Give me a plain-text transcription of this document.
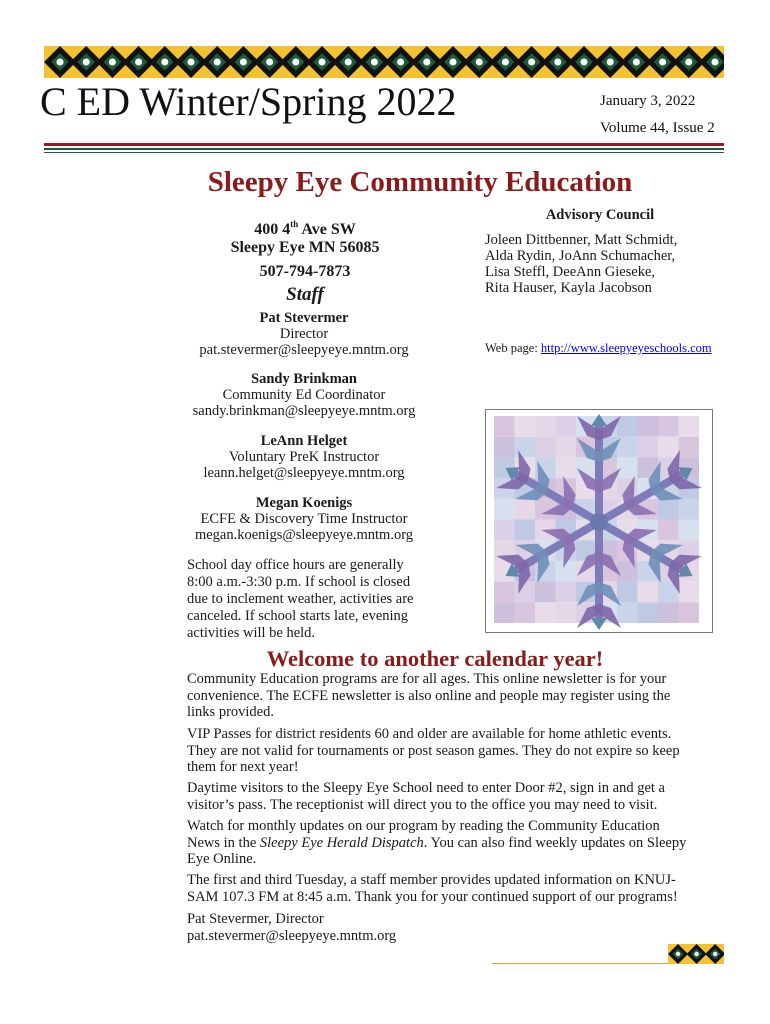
C ED Winter/Spring 2022	January 3, 2022
Volume 44, Issue 2
Sleepy Eye Community Education
400 4th Ave SW
Sleepy Eye MN 56085
507-794-7873
Staff
Pat Stevermer
Director
pat.stevermer@sleepyeye.mntm.org
Sandy Brinkman
Community Ed Coordinator
sandy.brinkman@sleepyeye.mntm.org
LeAnn Helget
Voluntary PreK Instructor
leann.helget@sleepyeye.mntm.org
Megan Koenigs
ECFE & Discovery Time Instructor
megan.koenigs@sleepyeye.mntm.org
Advisory Council
Joleen Dittbenner, Matt Schmidt,
Alda Rydin, JoAnn Schumacher,
Lisa Steffl, DeeAnn Gieseke,
Rita Hauser, Kayla Jacobson
Web page: http://www.sleepyeyeschools.com
School day office hours are generally
8:00 a.m.-3:30 p.m. If school is closed
due to inclement weather, activities are
canceled. If school starts late, evening
activities will be held.
Welcome to another calendar year!
Community Education programs are for all ages. This online newsletter is for your
convenience. The ECFE newsletter is also online and people may register using the
links provided.
VIP Passes for district residents 60 and older are available for home athletic events.
They are not valid for tournaments or post season games. They do not expire so keep
them for next year!
Daytime visitors to the Sleepy Eye School need to enter Door #2, sign in and get a
visitor’s pass. The receptionist will direct you to the office you may need to visit.
Watch for monthly updates on our program by reading the Community Education
News in the Sleepy Eye Herald Dispatch. You can also find weekly updates on Sleepy
Eye Online.
The first and third Tuesday, a staff member provides updated information on KNUJ-
SAM 107.3 FM at 8:45 a.m. Thank you for your continued support of our programs!
Pat Stevermer, Director
pat.stevermer@sleepyeye.mntm.org
